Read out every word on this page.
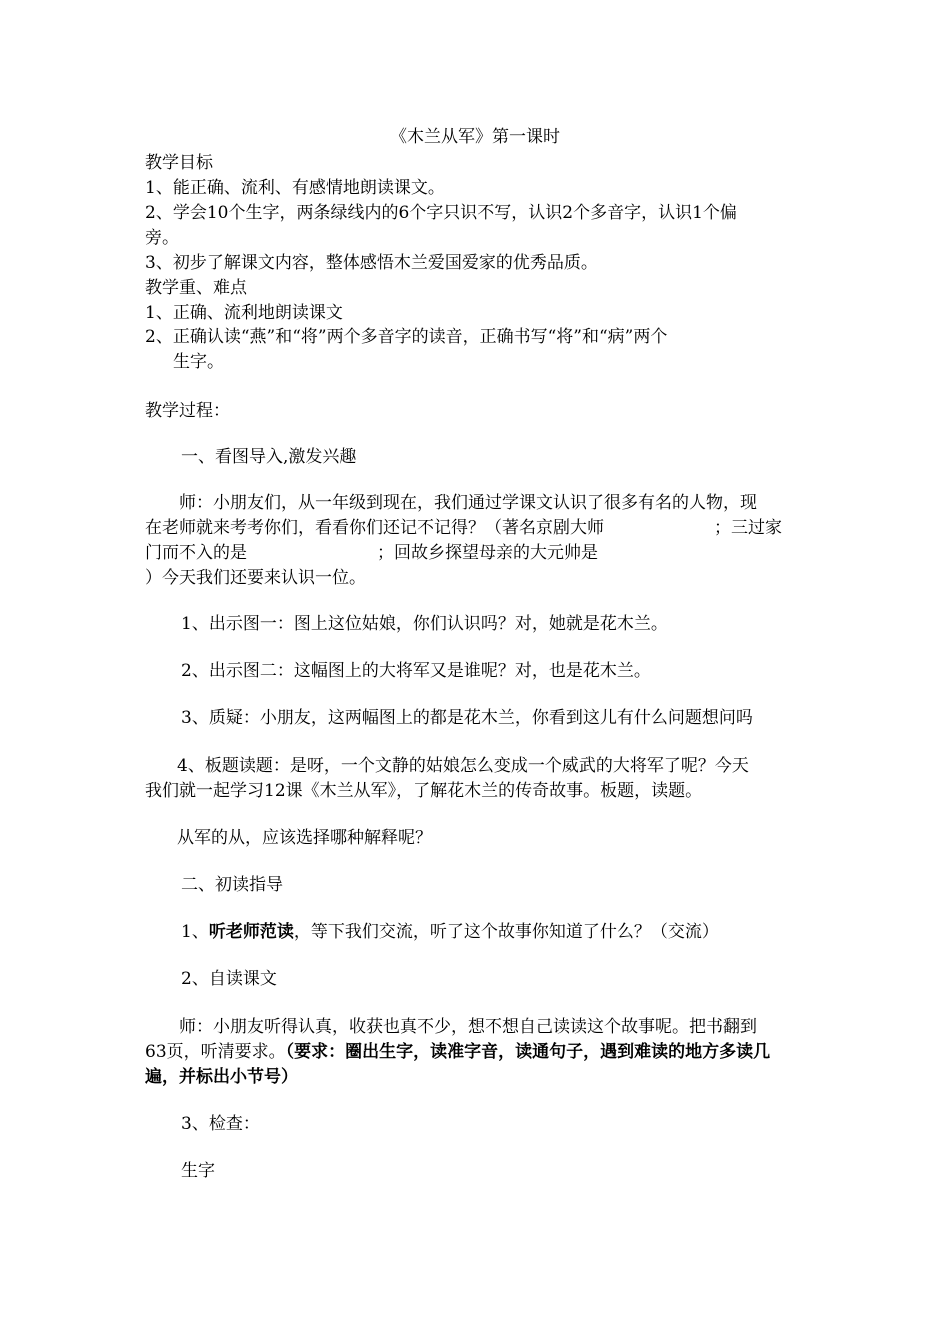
《木兰从军》第一课时
教学目标
1、能正确、流利、有感情地朗读课文。
2、学会10个生字，两条绿线内的6个字只识不写，认识2个多音字，认识1个偏
旁。
3、初步了解课文内容，整体感悟木兰爱国爱家的优秀品质。
教学重、难点
1、正确、流利地朗读课文
2、正确认读“燕”和“将”两个多音字的读音，正确书写“将”和“病”两个
生字。
教学过程：
一、看图导入,激发兴趣
师：小朋友们，从一年级到现在，我们通过学课文认识了很多有名的人物，现
在老师就来考考你们，看看你们还记不记得？（著名京剧大师	；三过家
门而不入的是	；回故乡探望母亲的大元帅是
）今天我们还要来认识一位。
1、出示图一：图上这位姑娘，你们认识吗？对，她就是花木兰。
2、出示图二：这幅图上的大将军又是谁呢？对，也是花木兰。
3、质疑：小朋友，这两幅图上的都是花木兰，你看到这儿有什么问题想问吗
4、板题读题：是呀，一个文静的姑娘怎么变成一个威武的大将军了呢？今天
我们就一起学习12课《木兰从军》，了解花木兰的传奇故事。板题，读题。
从军的从，应该选择哪种解释呢？
二、初读指导
1、听老师范读，等下我们交流，听了这个故事你知道了什么？（交流）
2、自读课文
师：小朋友听得认真，收获也真不少，想不想自己读读这个故事呢。把书翻到
63页，听清要求。（要求：圈出生字，读准字音，读通句子，遇到难读的地方多读几
遍，并标出小节号）
3、检查：
生字
